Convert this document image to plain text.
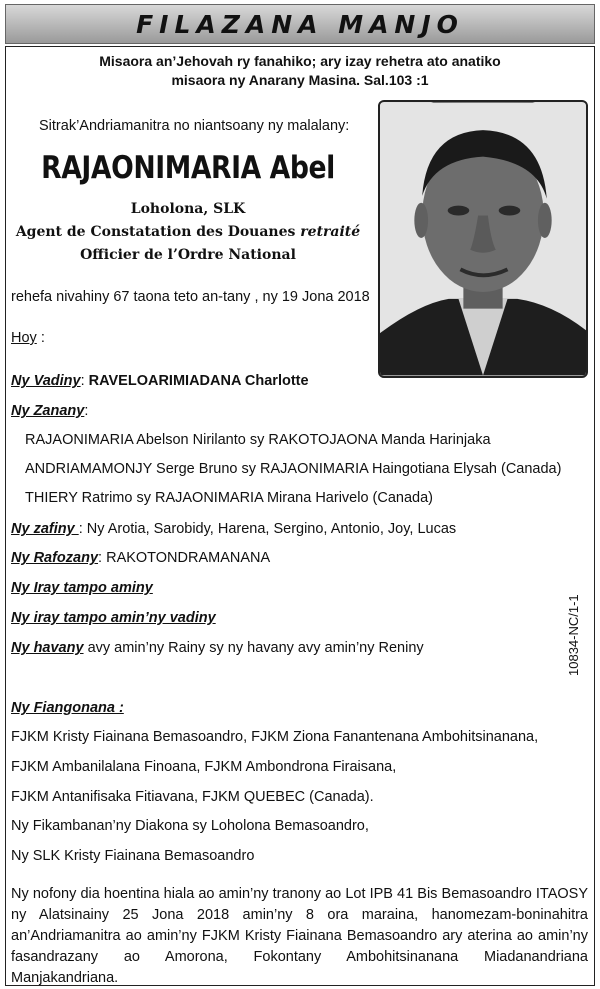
FILAZANA MANJO
Misaora an’Jehovah ry fanahiko; ary izay rehetra ato anatiko
misaora ny Anarany Masina. Sal.103 :1
Sitrak’Andriamanitra no niantsoany ny malalany:
RAJAONIMARIA Abel
Loholona, SLK
Agent de Constatation des Douanes retraité
Officier de l’Ordre National
rehefa nivahiny 67 taona teto an-tany , ny 19 Jona 2018
Hoy :
Ny Vadiny: RAVELOARIMIADANA Charlotte
Ny Zanany:
RAJAONIMARIA Abelson Nirilanto sy RAKOTOJAONA Manda Harinjaka
ANDRIAMAMONJY Serge Bruno sy RAJAONIMARIA Haingotiana Elysah (Canada)
THIERY Ratrimo sy RAJAONIMARIA Mirana Harivelo (Canada)
Ny zafiny : Ny Arotia, Sarobidy, Harena, Sergino, Antonio, Joy, Lucas
Ny Rafozany: RAKOTONDRAMANANA
Ny Iray tampo aminy
Ny iray tampo amin’ny vadiny
Ny havany avy amin’ny Rainy sy ny havany avy amin’ny Reniny	10834-NC/1-1
Ny Fiangonana :
FJKM Kristy Fiainana Bemasoandro, FJKM Ziona Fanantenana Ambohitsinanana,
FJKM Ambanilalana Finoana, FJKM Ambondrona Firaisana,
FJKM Antanifisaka Fitiavana, FJKM QUEBEC (Canada).
Ny Fikambanan’ny Diakona sy Loholona Bemasoandro,
Ny SLK Kristy Fiainana Bemasoandro
Ny nofony dia hoentina hiala ao amin’ny tranony ao Lot IPB 41 Bis Bemasoandro ITAOSY ny Alatsinainy 25 Jona 2018 amin’ny 8 ora maraina, hanomezam-boninahitra an’Andriamanitra ao amin’ny FJKM Kristy Fiainana Bemasoandro ary aterina ao amin’ny fasandrazany ao Amorona, Fokontany Ambohitsinanana Miadanandriana Manjakandriana.
